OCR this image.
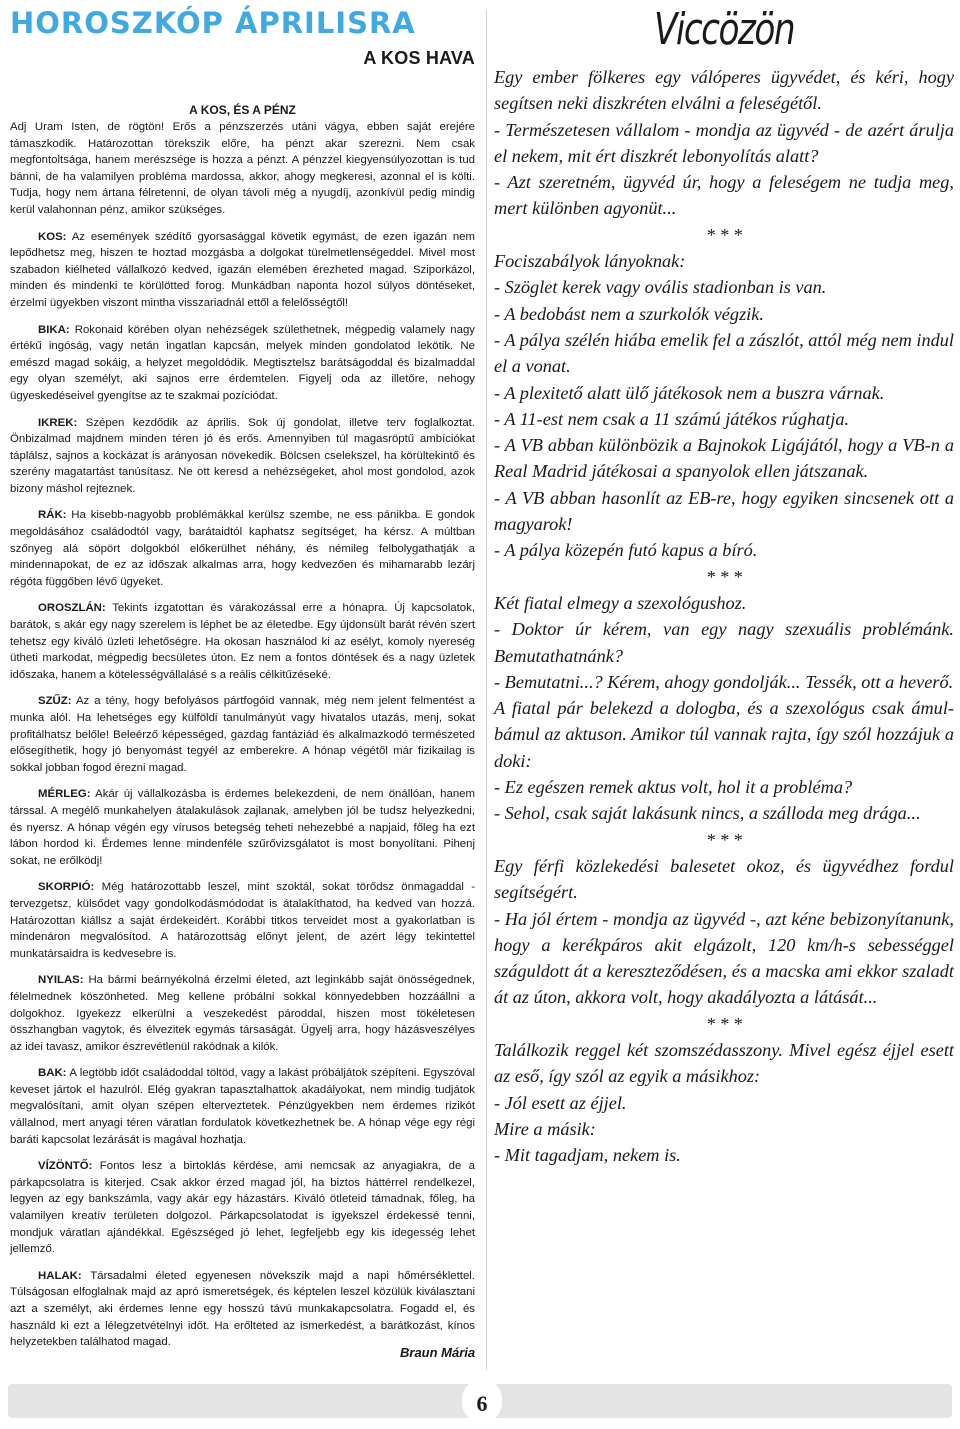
HOROSZKÓP ÁPRILISRA
A KOS HAVA
A KOS, ÉS A PÉNZ

Adj Uram Isten, de rögtön! Erős a pénzszerzés utáni vágya, ebben saját erejére támaszkodik. Határozottan törekszik előre, ha pénzt akar szerezni. Nem csak megfontoltsága, hanem merészsége is hozza a pénzt. A pénzzel kiegyensúlyozottan is tud bánni, de ha valamilyen probléma mardossa, akkor, ahogy megkeresi, azonnal el is költi. Tudja, hogy nem ártana félretenni, de olyan távoli még a nyugdíj, azonkívül pedig mindig kerül valahonnan pénz, amikor szükséges.

KOS: Az események szédítő gyorsasággal követik egymást, de ezen igazán nem lepődhetsz meg, hiszen te hoztad mozgásba a dolgokat türelmetlenségeddel. Mivel most szabadon kiélheted vállalkozó kedved, igazán elemében érezheted magad. Sziporkázol, minden és mindenki te körülötted forog. Munkádban naponta hozol súlyos döntéseket, érzelmi ügyekben viszont mintha visszariadnál ettől a felelősségtől!

BIKA: Rokonaid körében olyan nehézségek születhetnek, mégpedig valamely nagy értékű ingóság, vagy netán ingatlan kapcsán, melyek minden gondolatod lekötik. Ne emészd magad sokáig, a helyzet megoldódik. Megtisztelsz barátságoddal és bizalmaddal egy olyan személyt, aki sajnos erre érdemtelen. Figyelj oda az illetőre, nehogy ügyeskedéseivel gyengítse az te szakmai pozíciódat.

IKREK: Szépen kezdődik az április. Sok új gondolat, illetve terv foglalkoztat. Önbizalmad majdnem minden téren jó és erős. Amennyiben túl magasröptű ambíciókat táplálsz, sajnos a kockázat is arányosan növekedik. Bölcsen cselekszel, ha körültekintő és szerény magatartást tanúsítasz. Ne ott keresd a nehézségeket, ahol most gondolod, azok bizony máshol rejteznek.

RÁK: Ha kisebb-nagyobb problémákkal kerülsz szembe, ne ess pánikba. E gondok megoldásához családodtól vagy, barátaidtól kaphatsz segítséget, ha kérsz. A múltban szőnyeg alá söpört dolgokból előkerülhet néhány, és némileg felbolygathatják a mindennapokat, de ez az időszak alkalmas arra, hogy kedvezően és mihamarabb lezárj régóta függőben lévő ügyeket.

OROSZLÁN: Tekints izgatottan és várakozással erre a hónapra. Új kapcsolatok, barátok, s akár egy nagy szerelem is léphet be az életedbe. Egy újdonsült barát révén szert tehetsz egy kiváló üzleti lehetőségre. Ha okosan használod ki az esélyt, komoly nyereség ütheti markodat, mégpedig becsületes úton. Ez nem a fontos döntések és a nagy üzletek időszaka, hanem a kötelességvállalásé s a reális célkitűzéseké.

SZŰZ: Az a tény, hogy befolyásos pártfogóid vannak, még nem jelent felmentést a munka alól. Ha lehetséges egy külföldi tanulmányút vagy hivatalos utazás, menj, sokat profitálhatsz belőle! Beleérző képességed, gazdag fantáziád és alkalmazkodó természeted elősegíthetik, hogy jó benyomást tegyél az emberekre. A hónap végétől már fizikailag is sokkal jobban fogod érezni magad.

MÉRLEG: Akár új vállalkozásba is érdemes belekezdeni, de nem önállóan, hanem társsal. A megélő munkahelyen átalakulások zajlanak, amelyben jól be tudsz helyezkedni, és nyersz. A hónap végén egy vírusos betegség teheti nehezebbé a napjaid, főleg ha ezt lábon hordod ki. Érdemes lenne mindenféle szűrővizsgálatot is most bonyolítani. Pihenj sokat, ne erőlködj!

SKORPIÓ: Még határozottabb leszel, mint szoktál, sokat törődsz önmagaddal - tervezgetsz, külsődet vagy gondolkodásmódodat is átalakíthatod, ha kedved van hozzá. Határozottan kiállsz a saját érdekeidért. Korábbi titkos terveidet most a gyakorlatban is mindenáron megvalósítod. A határozottság előnyt jelent, de azért légy tekintettel munkatársaidra is kedvesebre is.

NYILAS: Ha bármi beárnyékolná érzelmi életed, azt leginkább saját önösségednek, félelmednek köszönheted. Meg kellene próbálni sokkal könnyedebben hozzáállni a dolgokhoz. Igyekezz elkerülni a veszekedést pároddal, hiszen most tökéletesen összhangban vagytok, és élvezitek egymás társaságát. Ügyelj arra, hogy házásveszélyes az idei tavasz, amikor észrevétlenül rakódnak a kilók.

BAK: A legtöbb időt családoddal töltöd, vagy a lakást próbáljátok szépíteni. Egyszóval keveset jártok el hazulról. Elég gyakran tapasztalhattok akadályokat, nem mindig tudjátok megvalósítani, amit olyan szépen elterveztetek. Pénzügyekben nem érdemes rizikót vállalnod, mert anyagi téren váratlan fordulatok következhetnek be. A hónap vége egy régi baráti kapcsolat lezárását is magával hozhatja.

VÍZÖNTŐ: Fontos lesz a birtoklás kérdése, ami nemcsak az anyagiakra, de a párkapcsolatra is kiterjed. Csak akkor érzed magad jól, ha biztos háttérrel rendelkezel, legyen az egy bankszámla, vagy akár egy házastárs. Kiváló ötleteid támadnak, főleg, ha valamilyen kreatív területen dolgozol. Párkapcsolatodat is igyekszel érdekessé tenni, mondjuk váratlan ajándékkal. Egészséged jó lehet, legfeljebb egy kis idegesség lehet jellemző.

HALAK: Társadalmi életed egyenesen növekszik majd a napi hőmérséklettel. Túlságosan elfoglalnak majd az apró ismeretségek, és képtelen leszel közülük kiválasztani azt a személyt, aki érdemes lenne egy hosszú távú munkakapcsolatra. Fogadd el, és használd ki ezt a lélegzetvételnyi időt. Ha erőlteted az ismerkedést, a barátkozást, kínos helyzetekben találhatod magad.

Braun Mária
Viccözön

Egy ember fölkeres egy válóperes ügyvédet, és kéri, hogy segítsen neki diszkréten elválni a feleségétől.

- Természetesen vállalom - mondja az ügyvéd - de azért árulja el nekem, mit ért diszkrét lebonyolítás alatt?

- Azt szeretném, ügyvéd úr, hogy a feleségem ne tudja meg, mert különben agyonüt...

* * *

Fociszabályok lányoknak:

- Szöglet kerek vagy ovális stadionban is van.

- A bedobást nem a szurkolók végzik.

- A pálya szélén hiába emelik fel a zászlót, attól még nem indul el a vonat.

- A plexitető alatt ülő játékosok nem a buszra várnak.

- A 11-est nem csak a 11 számú játékos rúghatja.

- A VB abban különbözik a Bajnokok Ligájától, hogy a VB-n a Real Madrid játékosai a spanyolok ellen játszanak.

- A VB abban hasonlít az EB-re, hogy egyiken sincsenek ott a magyarok!

- A pálya közepén futó kapus a bíró.

* * *

Két fiatal elmegy a szexológushoz.

- Doktor úr kérem, van egy nagy szexuális problémánk. Bemutathatnánk?

- Bemutatni...? Kérem, ahogy gondolják... Tessék, ott a heverő.

A fiatal pár belekezd a dologba, és a szexológus csak ámul-bámul az aktuson. Amikor túl vannak rajta, így szól hozzájuk a doki:

- Ez egészen remek aktus volt, hol it a probléma?

- Sehol, csak saját lakásunk nincs, a szálloda meg drága...

* * *

Egy férfi közlekedési balesetet okoz, és ügyvédhez fordul segítségért.

- Ha jól értem - mondja az ügyvéd -, azt kéne bebizonyítanunk, hogy a kerékpáros akit elgázolt, 120 km/h-s sebességgel száguldott át a kereszteződésen, és a macska ami ekkor szaladt át az úton, akkora volt, hogy akadályozta a látását...

* * *

Találkozik reggel két szomszédasszony. Mivel egész éjjel esett az eső, így szól az egyik a másikhoz:

- Jól esett az éjjel.

Mire a másik:

- Mit tagadjam, nekem is.

6
